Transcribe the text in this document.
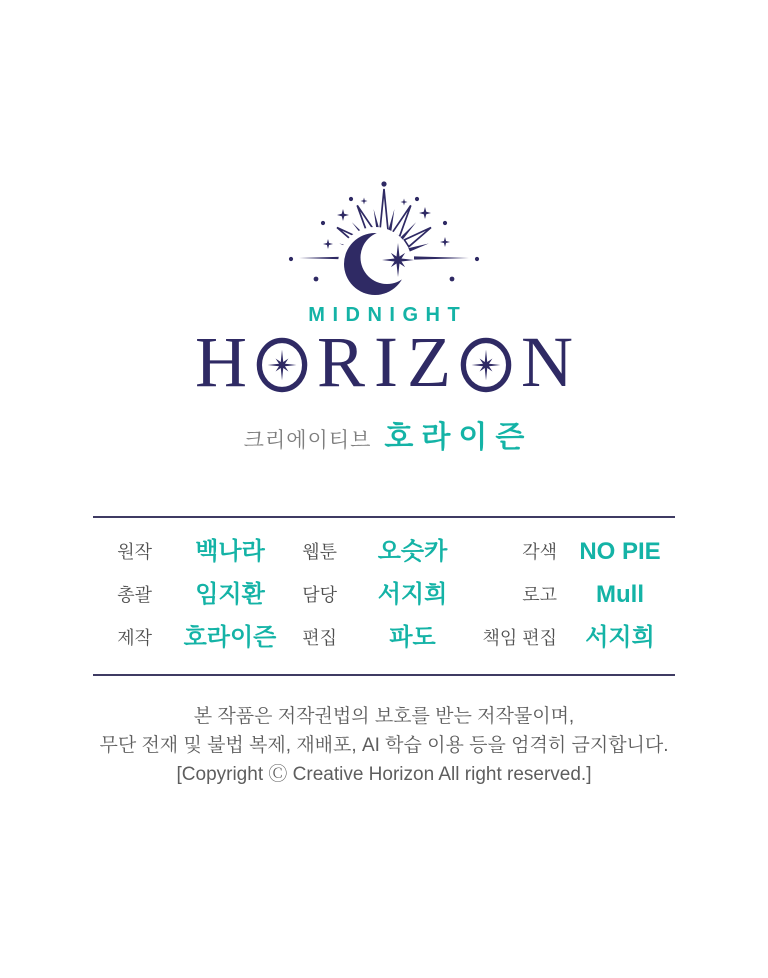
MIDNIGHT
H R I Z N
크리에이티브 호라이즌
원작	백나라	웹툰	오슷카	각색 NO PIE
총괄	임지환	담당	서지희	로고	Mull
제작	호라이즌	편집	파도	책임 편집	서지희
본 작품은 저작권법의 보호를 받는 저작물이며,
무단 전재 및 불법 복제, 재배포, AI 학습 이용 등을 엄격히 금지합니다.
[Copyright Ⓒ Creative Horizon All right reserved.]
